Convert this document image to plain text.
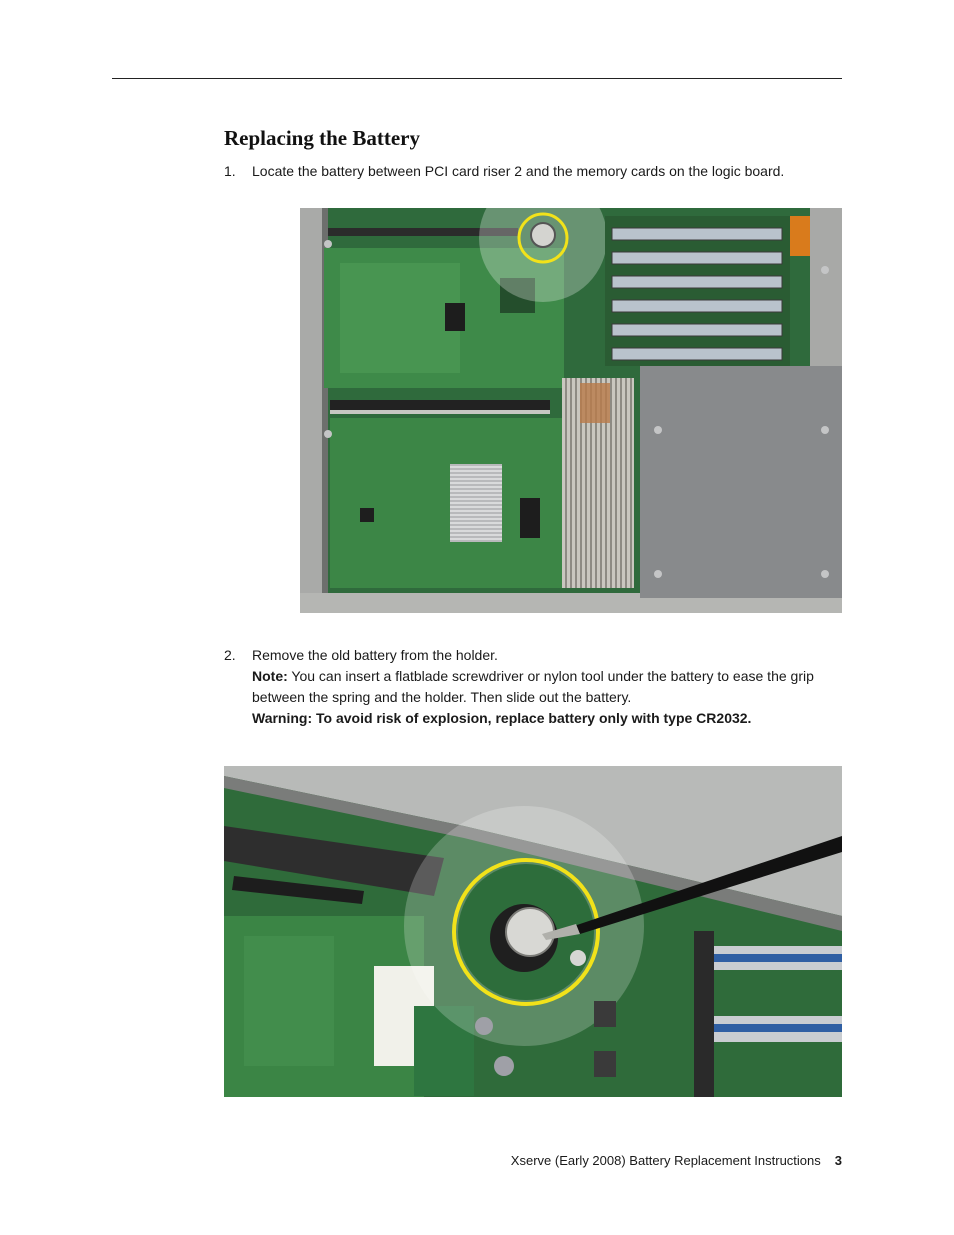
Replacing the Battery
1. Locate the battery between PCI card riser 2 and the memory cards on the logic board.
2. Remove the old battery from the holder.
Note: You can insert a flatblade screwdriver or nylon tool under the battery to ease the grip between the spring and the holder. Then slide out the battery.
Warning: To avoid risk of explosion, replace battery only with type CR2032.
Xserve (Early 2008) Battery Replacement Instructions 3
